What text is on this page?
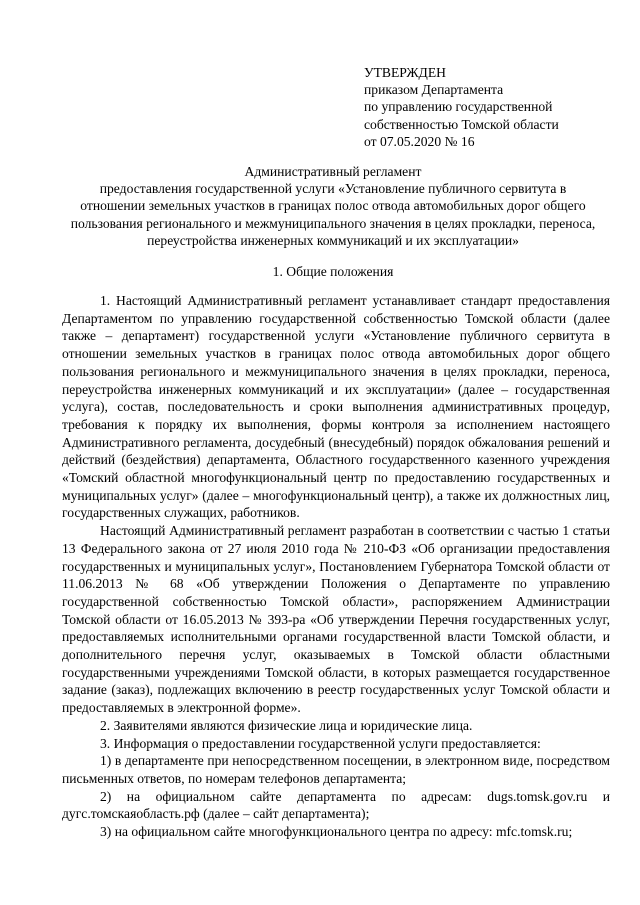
УТВЕРЖДЕН
приказом Департамента
по управлению государственной
собственностью Томской области
от 07.05.2020 № 16
Административный регламент
предоставления государственной услуги «Установление публичного сервитута в
отношении земельных участков в границах полос отвода автомобильных дорог общего
пользования регионального и межмуниципального значения в целях прокладки, переноса,
переустройства инженерных коммуникаций и их эксплуатации»
1. Общие положения

1. Настоящий Административный регламент устанавливает стандарт предоставления Департаментом по управлению государственной собственностью Томской области (далее также – департамент) государственной услуги «Установление публичного сервитута в отношении земельных участков в границах полос отвода автомобильных дорог общего пользования регионального и межмуниципального значения в целях прокладки, переноса, переустройства инженерных коммуникаций и их эксплуатации» (далее – государственная услуга), состав, последовательность и сроки выполнения административных процедур, требования к порядку их выполнения, формы контроля за исполнением настоящего Административного регламента, досудебный (внесудебный) порядок обжалования решений и действий (бездействия) департамента, Областного государственного казенного учреждения «Томский областной многофункциональный центр по предоставлению государственных и муниципальных услуг» (далее – многофункциональный центр), а также их должностных лиц, государственных служащих, работников.

Настоящий Административный регламент разработан в соответствии с частью 1 статьи 13 Федерального закона от 27 июля 2010 года № 210-ФЗ «Об организации предоставления государственных и муниципальных услуг», Постановлением Губернатора Томской области от 11.06.2013 № 68 «Об утверждении Положения о Департаменте по управлению государственной собственностью Томской области», распоряжением Администрации Томской области от 16.05.2013 № 393-ра «Об утверждении Перечня государственных услуг, предоставляемых исполнительными органами государственной власти Томской области, и дополнительного перечня услуг, оказываемых в Томской области областными государственными учреждениями Томской области, в которых размещается государственное задание (заказ), подлежащих включению в реестр государственных услуг Томской области и предоставляемых в электронной форме».

2. Заявителями являются физические лица и юридические лица.

3. Информация о предоставлении государственной услуги предоставляется:

1) в департаменте при непосредственном посещении, в электронном виде, посредством письменных ответов, по номерам телефонов департамента;

2) на официальном сайте департамента по адресам: dugs.tomsk.gov.ru и дугс.томскаяобласть.рф (далее – сайт департамента);

3) на официальном сайте многофункционального центра по адресу: mfc.tomsk.ru;
